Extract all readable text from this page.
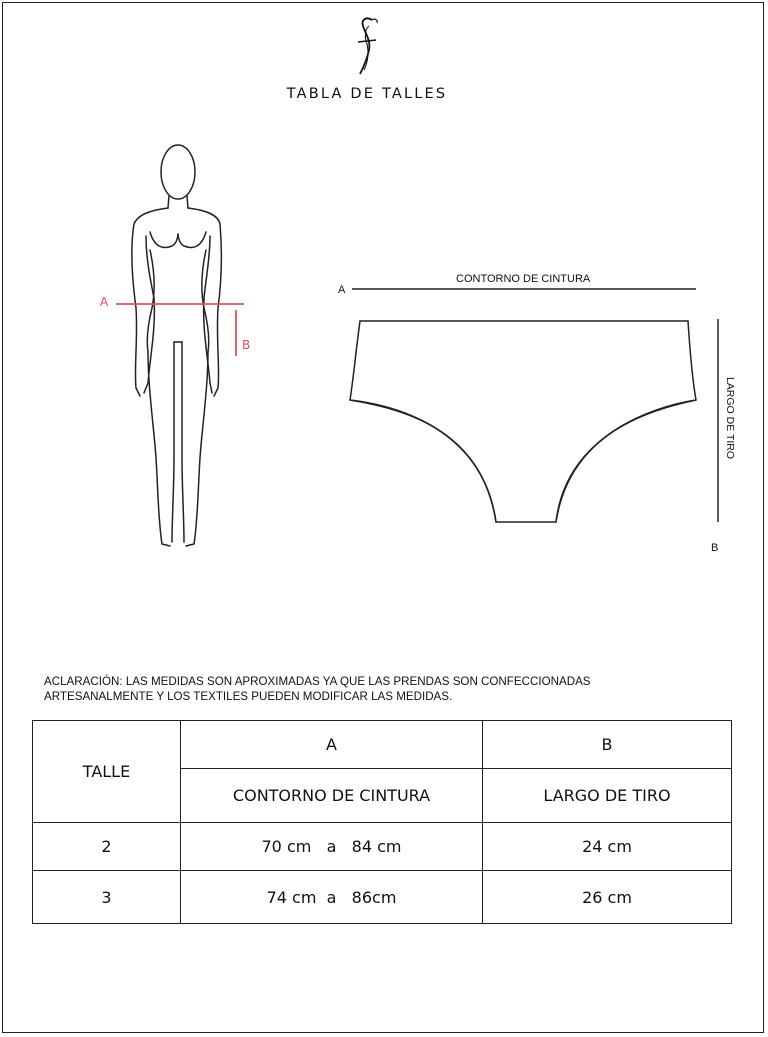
TABLA DE TALLES
A
B
A
CONTORNO DE CINTURA
B
LARGO DE TIRO
ACLARACIÓN: LAS MEDIDAS SON APROXIMADAS YA QUE LAS PRENDAS SON CONFECCIONADAS
ARTESANALMENTE Y LOS TEXTILES PUEDEN MODIFICAR LAS MEDIDAS.
TALLE	A	B
	CONTORNO DE CINTURA	LARGO DE TIRO
2	70 cm   a   84 cm	24 cm
3	74 cm  a   86cm	26 cm
